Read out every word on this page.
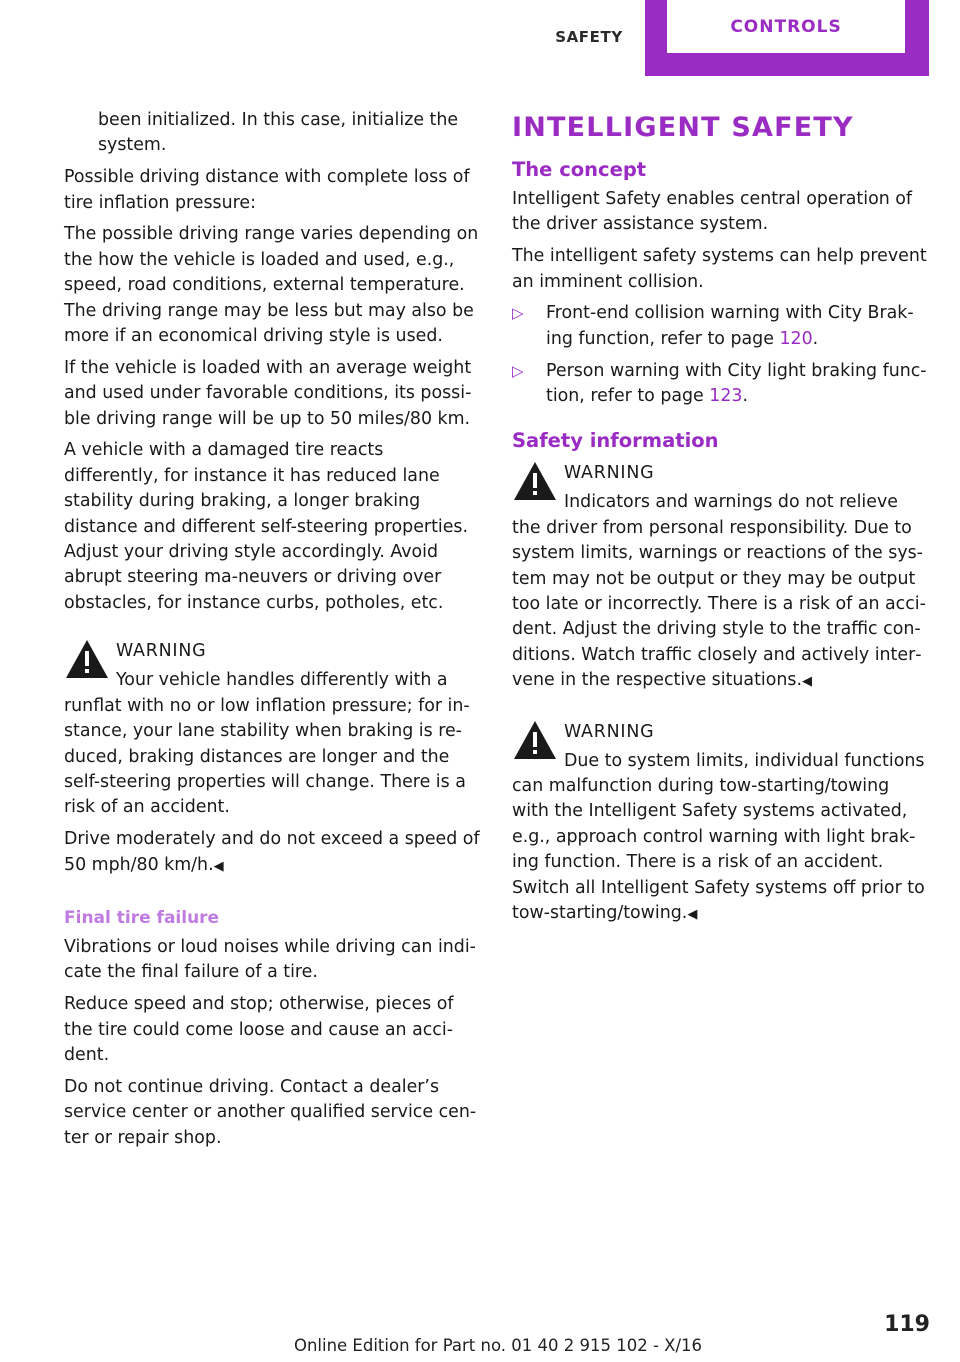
SAFETY
CONTROLS

been initialized. In this case, initialize the system.

Possible driving distance with complete loss of tire inflation pressure:

The possible driving range varies depending on the how the vehicle is loaded and used, e.g., speed, road conditions, external temperature. The driving range may be less but may also be more if an economical driving style is used.

If the vehicle is loaded with an average weight and used under favorable conditions, its possi‐ble driving range will be up to 50 miles/80 km.

A vehicle with a damaged tire reacts differently, for instance it has reduced lane stability during braking, a longer braking distance and different self-steering properties. Adjust your driving style accordingly. Avoid abrupt steering ma‐neuvers or driving over obstacles, for instance curbs, potholes, etc.

WARNING

Your vehicle handles differently with a runflat with no or low inflation pressure; for in‐stance, your lane stability when braking is re‐duced, braking distances are longer and the self-steering properties will change. There is a risk of an accident.

Drive moderately and do not exceed a speed of 50 mph/80 km/h.◀

Final tire failure

Vibrations or loud noises while driving can indi‐cate the final failure of a tire.

Reduce speed and stop; otherwise, pieces of the tire could come loose and cause an acci‐dent.

Do not continue driving. Contact a dealer’s service center or another qualified service cen‐ter or repair shop.

INTELLIGENT SAFETY
The concept

Intelligent Safety enables central operation of the driver assistance system.

The intelligent safety systems can help prevent an imminent collision.

▷ Front-end collision warning with City Brak‐ing function, refer to page 120.
▷ Person warning with City light braking func‐tion, refer to page 123.
Safety information

WARNING

Indicators and warnings do not relieve the driver from personal responsibility. Due to system limits, warnings or reactions of the sys‐tem may not be output or they may be output too late or incorrectly. There is a risk of an acci‐dent. Adjust the driving style to the traffic con‐ditions. Watch traffic closely and actively inter‐vene in the respective situations.◀

WARNING

Due to system limits, individual functions can malfunction during tow-starting/towing with the Intelligent Safety systems activated, e.g., approach control warning with light brak‐ing function. There is a risk of an accident. Switch all Intelligent Safety systems off prior to tow-starting/towing.◀

119
Online Edition for Part no. 01 40 2 915 102 - X/16
